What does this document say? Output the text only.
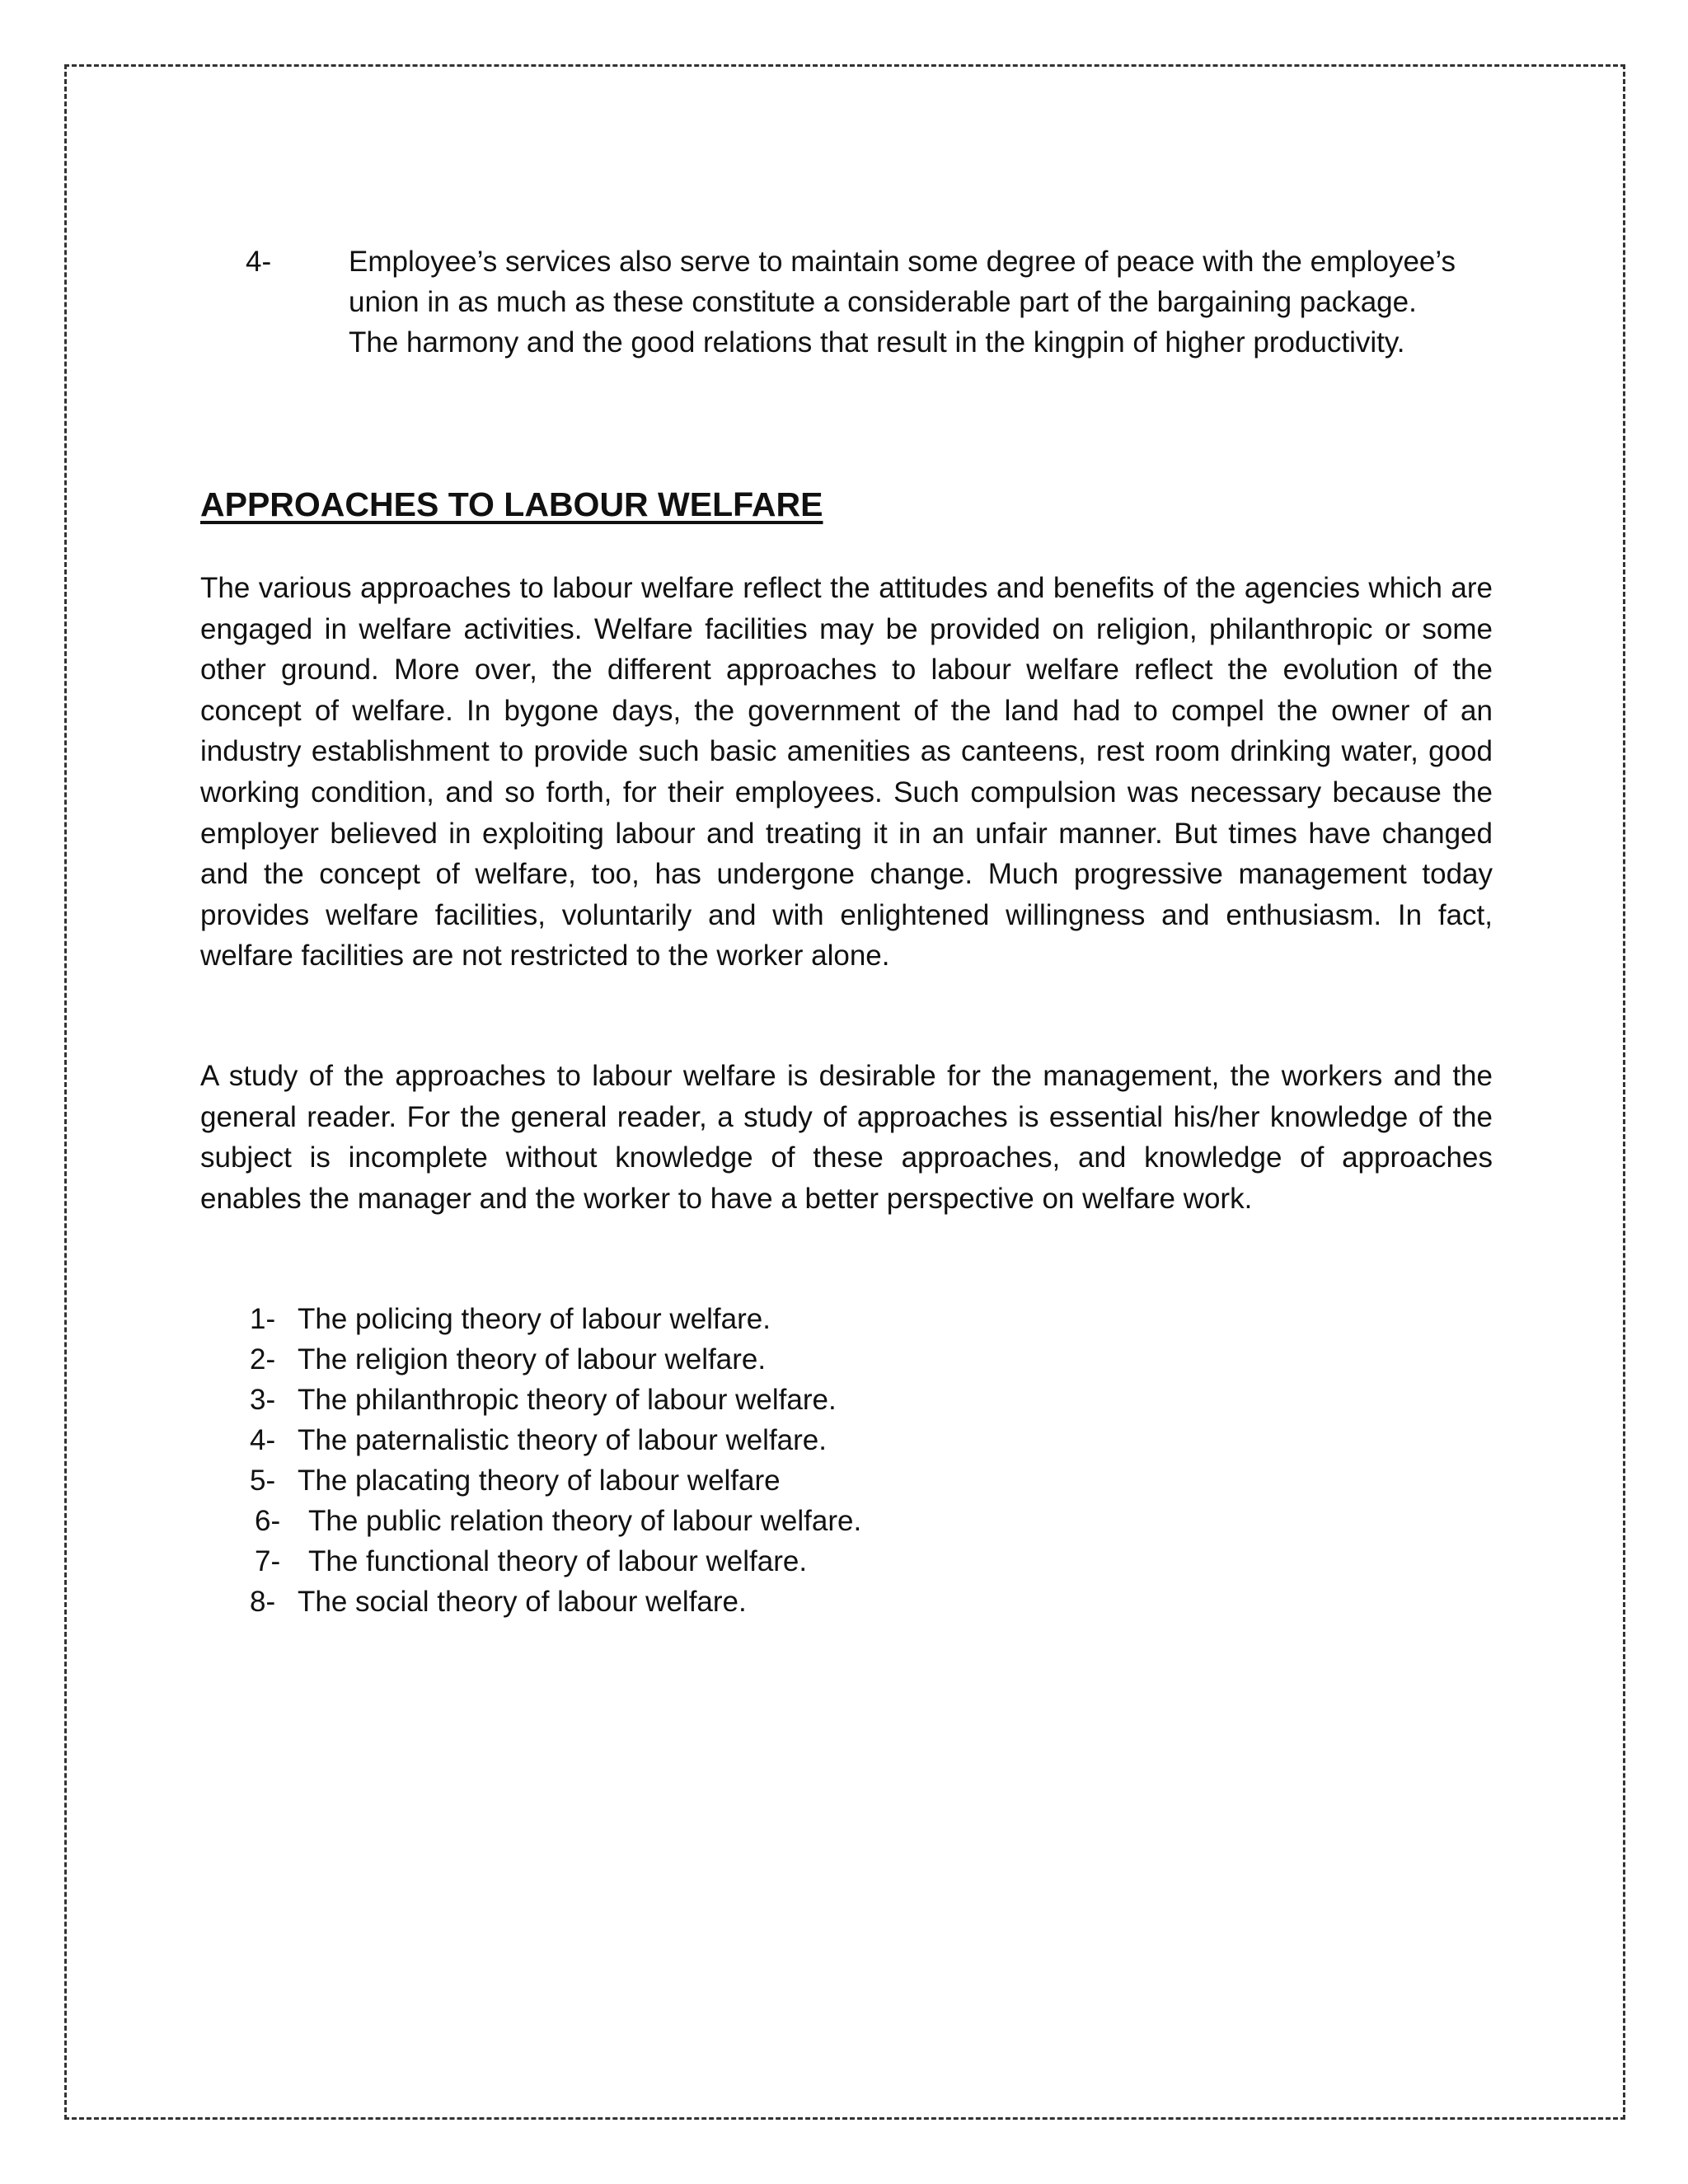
4-	Employee’s services also serve to maintain some degree of peace with the employee’s union in as much as these constitute a considerable part of the bargaining package. The harmony and the good relations that result in the kingpin of higher productivity.
APPROACHES TO LABOUR WELFARE

The various approaches to labour welfare reflect the attitudes and benefits of the agencies which are engaged in welfare activities. Welfare facilities may be provided on religion, philanthropic or some other ground. More over, the different approaches to labour welfare reflect the evolution of the concept of welfare. In bygone days, the government of the land had to compel the owner of an industry establishment to provide such basic amenities as canteens, rest room drinking water, good working condition, and so forth, for their employees. Such compulsion was necessary because the employer believed in exploiting labour and treating it in an unfair manner. But times have changed and the concept of welfare, too, has undergone change. Much progressive management today provides welfare facilities, voluntarily and with enlightened willingness and enthusiasm. In fact, welfare facilities are not restricted to the worker alone.

A study of the approaches to labour welfare is desirable for the management, the workers and the general reader. For the general reader, a study of approaches is essential his/her knowledge of the subject is incomplete without knowledge of these approaches, and knowledge of approaches enables the manager and the worker to have a better perspective on welfare work.

1- The policing theory of labour welfare.
2- The religion theory of labour welfare.
3- The philanthropic theory of labour welfare.
4- The paternalistic theory of labour welfare.
5- The placating theory of labour welfare
6- The public relation theory of labour welfare.
7- The functional theory of labour welfare.
8- The social theory of labour welfare.
